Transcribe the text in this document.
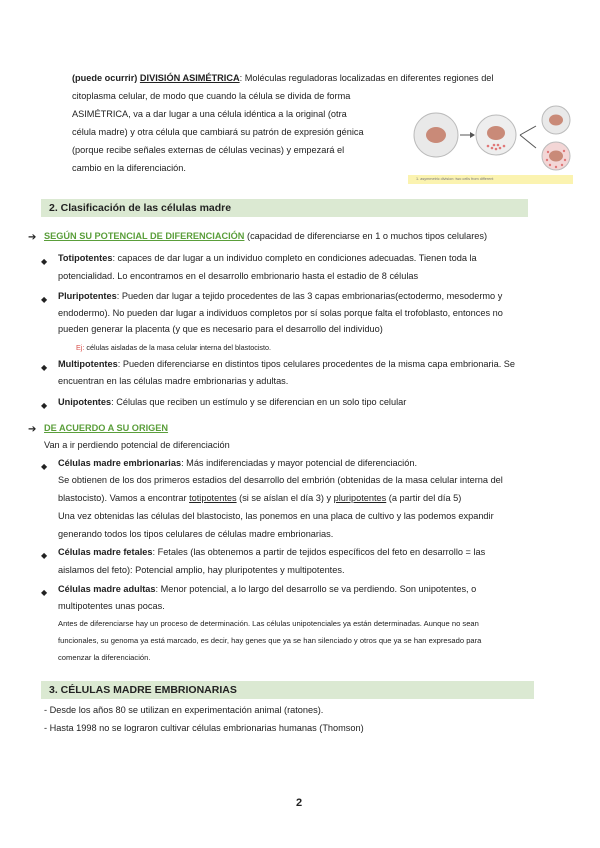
(puede ocurrir) DIVISIÓN ASIMÉTRICA: Moléculas reguladoras localizadas en diferentes regiones del
citoplasma celular, de modo que cuando la célula se divida de forma
ASIMÉTRICA, va a dar lugar a una célula idéntica a la original (otra
célula madre) y otra célula que cambiará su patrón de expresión génica
(porque recibe señales externas de células vecinas) y empezará el
cambio en la diferenciación.
1. asymmetric division: two cells from different
2. Clasificación de las células madre
➔ SEGÚN SU POTENCIAL DE DIFERENCIACIÓN (capacidad de diferenciarse en 1 o muchos tipos celulares)
◆ Totipotentes: capaces de dar lugar a un individuo completo en condiciones adecuadas. Tienen toda la
potencialidad. Lo encontramos en el desarrollo embrionario hasta el estadio de 8 células
◆ Pluripotentes: Pueden dar lugar a tejido procedentes de las 3 capas embrionarias(ectodermo, mesodermo y
endodermo). No pueden dar lugar a individuos completos por sí solas porque falta el trofoblasto, entonces no
pueden generar la placenta (y que es necesario para el desarrollo del individuo)
Ej: células aisladas de la masa celular interna del blastocisto.
◆ Multipotentes: Pueden diferenciarse en distintos tipos celulares procedentes de la misma capa embrionaria. Se
encuentran en las células madre embrionarias y adultas.
◆ Unipotentes: Células que reciben un estímulo y se diferencian en un solo tipo celular
➔ DE ACUERDO A SU ORIGEN
Van a ir perdiendo potencial de diferenciación
◆ Células madre embrionarias: Más indiferenciadas y mayor potencial de diferenciación.
Se obtienen de los dos primeros estadios del desarrollo del embrión (obtenidas de la masa celular interna del
blastocisto). Vamos a encontrar totipotentes (si se aíslan el día 3) y pluripotentes (a partir del día 5)
Una vez obtenidas las células del blastocisto, las ponemos en una placa de cultivo y las podemos expandir
generando todos los tipos celulares de células madre embrionarias.
◆ Células madre fetales: Fetales (las obtenemos a partir de tejidos específicos del feto en desarrollo = las
aislamos del feto): Potencial amplio, hay pluripotentes y multipotentes.
◆ Células madre adultas: Menor potencial, a lo largo del desarrollo se va perdiendo. Son unipotentes, o
multipotentes unas pocas.
Antes de diferenciarse hay un proceso de determinación. Las células unipotenciales ya están determinadas. Aunque no sean
funcionales, su genoma ya está marcado, es decir, hay genes que ya se han silenciado y otros que ya se han expresado para
comenzar la diferenciación.
3. CÉLULAS MADRE EMBRIONARIAS
- Desde los años 80 se utilizan en experimentación animal (ratones).
- Hasta 1998 no se lograron cultivar células embrionarias humanas (Thomson)
2
